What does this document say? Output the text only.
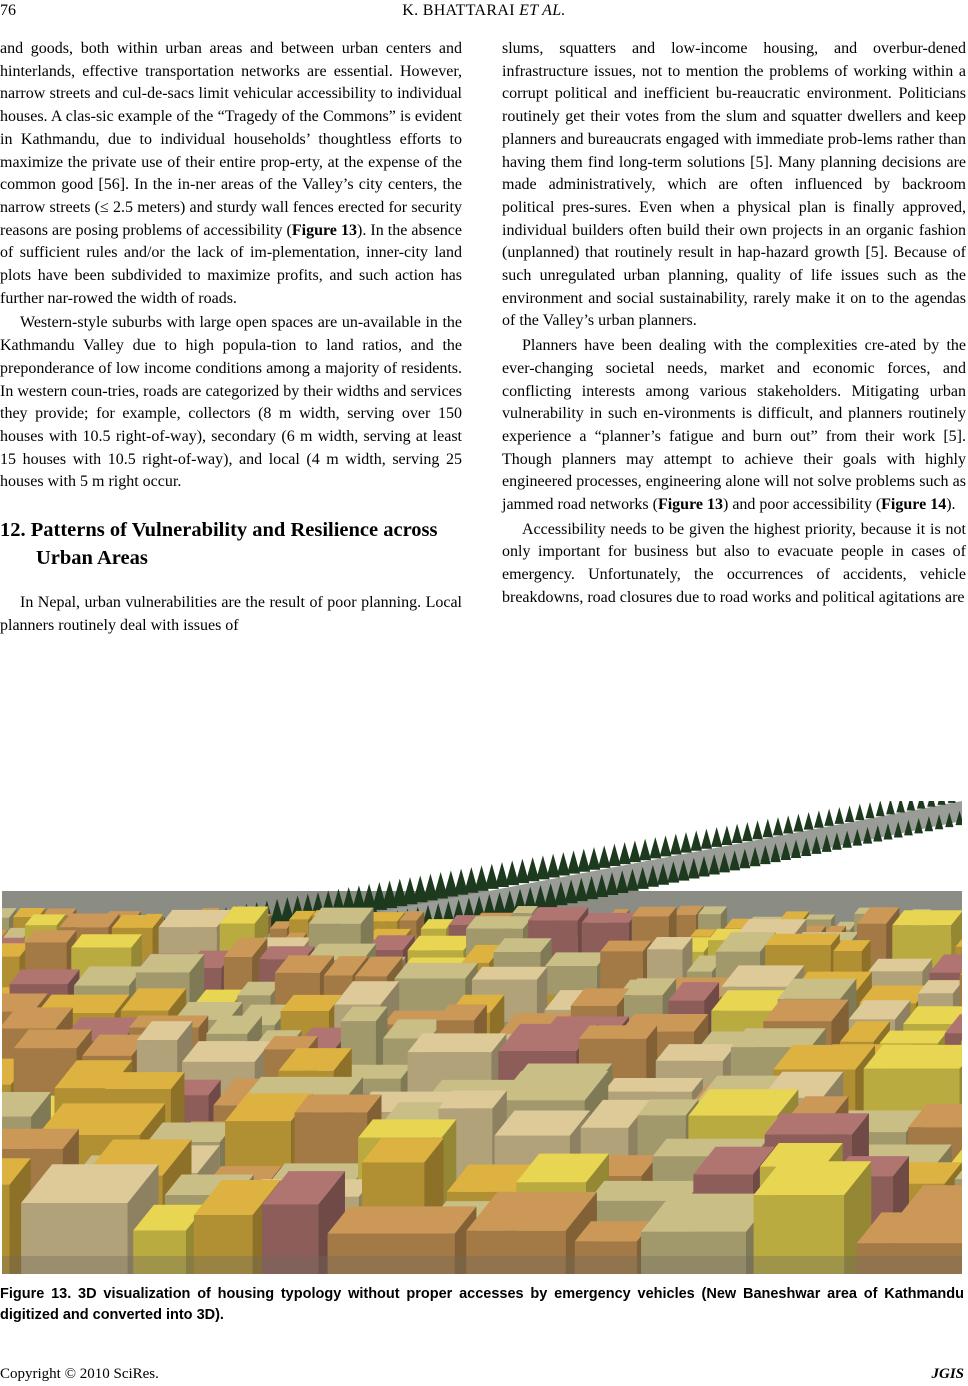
76	K. BHATTARAI ET AL.

and goods, both within urban areas and between urban centers and hinterlands, effective transportation networks are essential. However, narrow streets and cul-de-sacs limit vehicular accessibility to individual houses. A clas-sic example of the “Tragedy of the Commons” is evident in Kathmandu, due to individual households’ thoughtless efforts to maximize the private use of their entire prop-erty, at the expense of the common good [56]. In the in-ner areas of the Valley’s city centers, the narrow streets (≤ 2.5 meters) and sturdy wall fences erected for security reasons are posing problems of accessibility (Figure 13). In the absence of sufficient rules and/or the lack of im-plementation, inner-city land plots have been subdivided to maximize profits, and such action has further nar-rowed the width of roads.

Western-style suburbs with large open spaces are un-available in the Kathmandu Valley due to high popula-tion to land ratios, and the preponderance of low income conditions among a majority of residents. In western coun-tries, roads are categorized by their widths and services they provide; for example, collectors (8 m width, serving over 150 houses with 10.5 right-of-way), secondary (6 m width, serving at least 15 houses with 10.5 right-of-way), and local (4 m width, serving 25 houses with 5 m right occur.

12. Patterns of Vulnerability and Resilience across Urban Areas

In Nepal, urban vulnerabilities are the result of poor planning. Local planners routinely deal with issues of

slums, squatters and low-income housing, and overbur-dened infrastructure issues, not to mention the problems of working within a corrupt political and inefficient bu-reaucratic environment. Politicians routinely get their votes from the slum and squatter dwellers and keep planners and bureaucrats engaged with immediate prob-lems rather than having them find long-term solutions [5]. Many planning decisions are made administratively, which are often influenced by backroom political pres-sures. Even when a physical plan is finally approved, individual builders often build their own projects in an organic fashion (unplanned) that routinely result in hap-hazard growth [5]. Because of such unregulated urban planning, quality of life issues such as the environment and social sustainability, rarely make it on to the agendas of the Valley’s urban planners.

Planners have been dealing with the complexities cre-ated by the ever-changing societal needs, market and economic forces, and conflicting interests among various stakeholders. Mitigating urban vulnerability in such en-vironments is difficult, and planners routinely experience a “planner’s fatigue and burn out” from their work [5]. Though planners may attempt to achieve their goals with highly engineered processes, engineering alone will not solve problems such as jammed road networks (Figure 13) and poor accessibility (Figure 14).

Accessibility needs to be given the highest priority, because it is not only important for business but also to evacuate people in cases of emergency. Unfortunately, the occurrences of accidents, vehicle breakdowns, road closures due to road works and political agitations are

Figure 13. 3D visualization of housing typology without proper accesses by emergency vehicles (New Baneshwar area of Kathmandu digitized and converted into 3D).
Copyright © 2010 SciRes.	JGIS
